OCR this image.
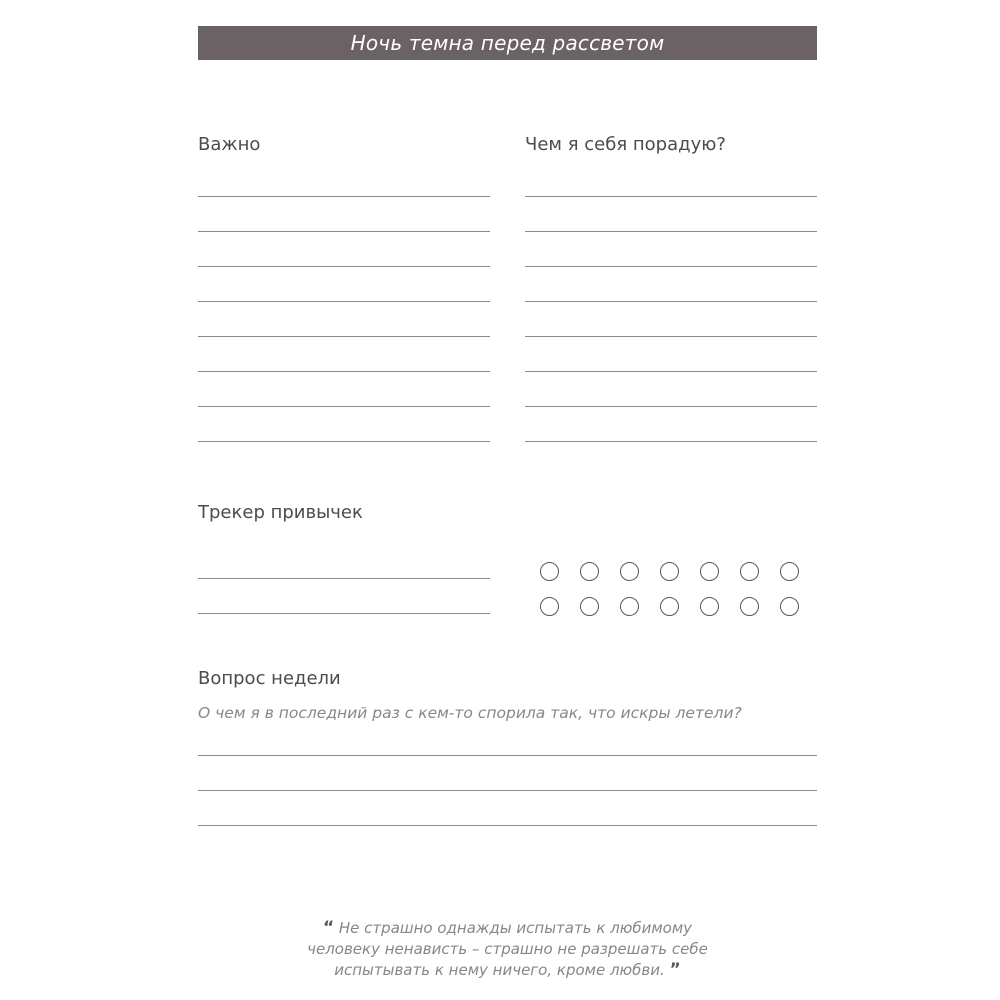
Ночь темна перед рассветом
Важно	Чем я себя порадую?
Трекер привычек
Вопрос недели
О чем я в последний раз с кем-то спорила так, что искры летели?
“ Не страшно однажды испытать к любимому
человеку ненависть – страшно не разрешать себе
испытывать к нему ничего, кроме любви. ”
